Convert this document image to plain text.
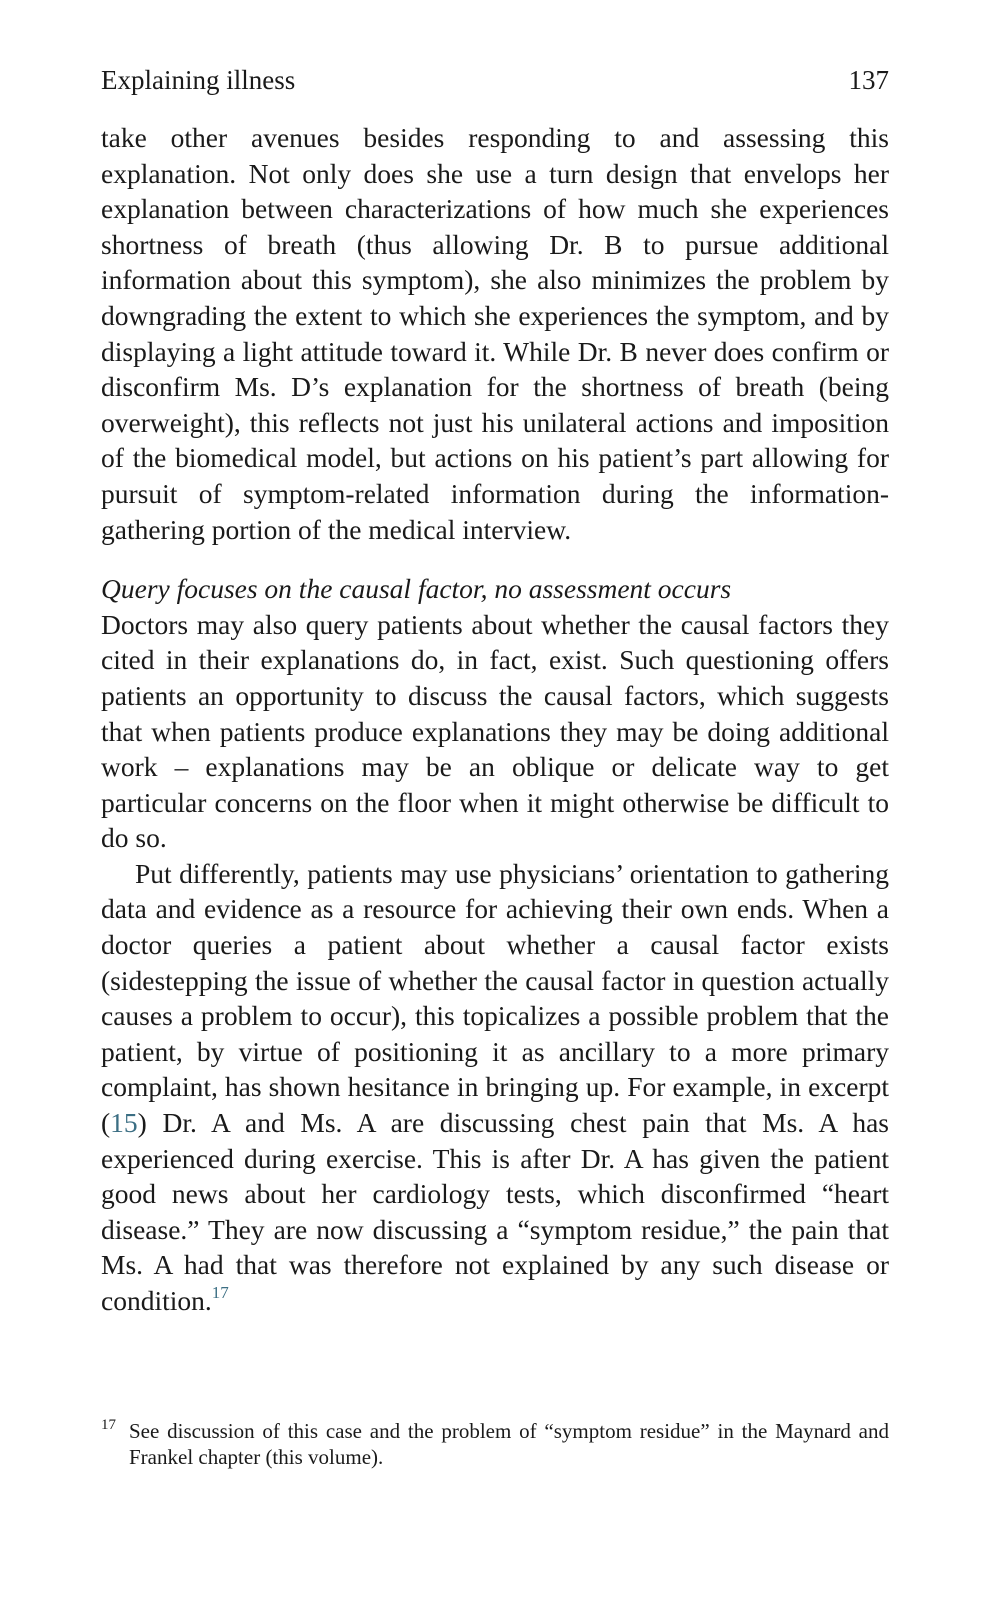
Explaining illness	137

take other avenues besides responding to and assessing this explanation. Not only does she use a turn design that envelops her explanation between characterizations of how much she experiences shortness of breath (thus allowing Dr. B to pursue additional information about this symptom), she also minimizes the problem by downgrading the extent to which she experiences the symptom, and by displaying a light attitude toward it. While Dr. B never does confirm or disconfirm Ms. D’s explanation for the shortness of breath (being overweight), this reflects not just his unilateral actions and imposition of the biomedical model, but actions on his patient’s part allowing for pursuit of symptom-related information during the information-gathering portion of the medical interview.

Query focuses on the causal factor, no assessment occurs

Doctors may also query patients about whether the causal factors they cited in their explanations do, in fact, exist. Such questioning offers patients an opportunity to discuss the causal factors, which suggests that when patients produce explanations they may be doing additional work – explanations may be an oblique or delicate way to get particular concerns on the floor when it might otherwise be difficult to do so.

Put differently, patients may use physicians’ orientation to gathering data and evidence as a resource for achieving their own ends. When a doctor queries a patient about whether a causal factor exists (sidestepping the issue of whether the causal factor in question actually causes a problem to occur), this topicalizes a possible problem that the patient, by virtue of positioning it as ancillary to a more primary complaint, has shown hesitance in bringing up. For example, in excerpt (15) Dr. A and Ms. A are discussing chest pain that Ms. A has experienced during exercise. This is after Dr. A has given the patient good news about her cardiology tests, which disconfirmed “heart disease.” They are now discussing a “symptom residue,” the pain that Ms. A had that was therefore not explained by any such disease or condition.$^{17}$

17 See discussion of this case and the problem of “symptom residue” in the Maynard and Frankel chapter (this volume).
